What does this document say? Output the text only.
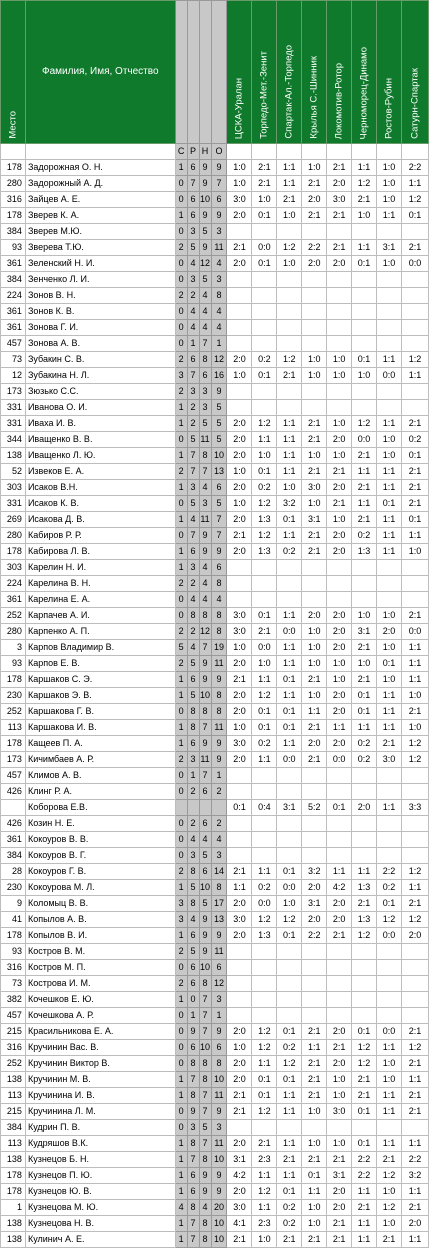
Место	Фамилия, Имя, Отчество					ЦСКА-Уралан	Торпедо-Мет.-Зенит	Спартак-Ал.-Торпедо	Крылья С.-Шинник	Локомотив-Ротор	Черноморец-Динамо	Ростов-Рубин	Сатурн-Спартак

		С	Р	Н	О								
178	Задорожная О. Н.	1	6	9	9	1:0	2:1	1:1	1:0	2:1	1:1	1:0	2:2
280	Задорожный А. Д.	0	7	9	7	1:0	2:1	1:1	2:1	2:0	1:2	1:0	1:1
316	Зайцев А. Е.	0	6	10	6	3:0	1:0	2:1	2:0	3:0	2:1	1:0	1:2
178	Зверев К. А.	1	6	9	9	2:0	0:1	1:0	2:1	2:1	1:0	1:1	0:1
384	Зверев М.Ю.	0	3	5	3								
93	Зверева Т.Ю.	2	5	9	11	2:1	0:0	1:2	2:2	2:1	1:1	3:1	2:1
361	Зеленский Н. И.	0	4	12	4	2:0	0:1	1:0	2:0	2:0	0:1	1:0	0:0
384	Зенченко Л. И.	0	3	5	3								
224	Зонов В. Н.	2	2	4	8								
361	Зонов К. В.	0	4	4	4								
361	Зонова Г. И.	0	4	4	4								
457	Зонова А. В.	0	1	7	1								
73	Зубакин С. В.	2	6	8	12	2:0	0:2	1:2	1:0	1:0	0:1	1:1	1:2
12	Зубакина Н. Л.	3	7	6	16	1:0	0:1	2:1	1:0	1:0	1:0	0:0	1:1
173	Зюзько С.С.	2	3	3	9								
331	Иванова О. И.	1	2	3	5								
331	Иваха И. В.	1	2	5	5	2:0	1:2	1:1	2:1	1:0	1:2	1:1	2:1
344	Иващенко В. В.	0	5	11	5	2:0	1:1	1:1	2:1	2:0	0:0	1:0	0:2
138	Иващенко Л. Ю.	1	7	8	10	2:0	1:0	1:1	1:0	1:0	2:1	1:0	0:1
52	Извеков Е. А.	2	7	7	13	1:0	0:1	1:1	2:1	2:1	1:1	1:1	2:1
303	Исаков В.Н.	1	3	4	6	2:0	0:2	1:0	3:0	2:0	2:1	1:1	2:1
331	Исаков К. В.	0	5	3	5	1:0	1:2	3:2	1:0	2:1	1:1	0:1	2:1
269	Исакова Д. В.	1	4	11	7	2:0	1:3	0:1	3:1	1:0	2:1	1:1	0:1
280	Кабиров Р. Р.	0	7	9	7	2:1	1:2	1:1	2:1	2:0	0:2	1:1	1:1
178	Кабирова Л. В.	1	6	9	9	2:0	1:3	0:2	2:1	2:0	1:3	1:1	1:0
303	Карелин Н. И.	1	3	4	6								
224	Карелина В. Н.	2	2	4	8								
361	Карелина Е. А.	0	4	4	4								
252	Карпачев А. И.	0	8	8	8	3:0	0:1	1:1	2:0	2:0	1:0	1:0	2:1
280	Карпенко А. П.	2	2	12	8	3:0	2:1	0:0	1:0	2:0	3:1	2:0	0:0
3	Карпов Владимир В.	5	4	7	19	1:0	0:0	1:1	1:0	2:0	2:1	1:0	1:1
93	Карпов Е. В.	2	5	9	11	2:0	1:0	1:1	1:0	1:0	1:0	0:1	1:1
178	Каршаков С. Э.	1	6	9	9	2:1	1:1	0:1	2:1	1:0	2:1	1:0	1:1
230	Каршаков Э. В.	1	5	10	8	2:0	1:2	1:1	1:0	2:0	0:1	1:1	1:0
252	Каршакова Г. В.	0	8	8	8	2:0	0:1	0:1	1:1	2:0	0:1	1:1	2:1
113	Каршакова И. В.	1	8	7	11	1:0	0:1	0:1	2:1	1:1	1:1	1:1	1:0
178	Кащеев П. А.	1	6	9	9	3:0	0:2	1:1	2:0	2:0	0:2	2:1	1:2
173	Кичимбаев А. Р.	2	3	11	9	2:0	1:1	0:0	2:1	0:0	0:2	3:0	1:2
457	Климов А. В.	0	1	7	1								
426	Клинг Р. А.	0	2	6	2								
	Коборова Е.В.					0:1	0:4	3:1	5:2	0:1	2:0	1:1	3:3
426	Козин Н. Е.	0	2	6	2								
361	Кокоуров В. В.	0	4	4	4								
384	Кокоуров В. Г.	0	3	5	3								
28	Кокоуров Г. В.	2	8	6	14	2:1	1:1	0:1	3:2	1:1	1:1	2:2	1:2
230	Кокоурова М. Л.	1	5	10	8	1:1	0:2	0:0	2:0	4:2	1:3	0:2	1:1
9	Коломыц В. В.	3	8	5	17	2:0	0:0	1:0	3:1	2:0	2:1	0:1	2:1
41	Копылов А. В.	3	4	9	13	3:0	1:2	1:2	2:0	2:0	1:3	1:2	1:2
178	Копылов В. И.	1	6	9	9	2:0	1:3	0:1	2:2	2:1	1:2	0:0	2:0
93	Костров В. М.	2	5	9	11								
316	Костров М. П.	0	6	10	6								
73	Кострова И. М.	2	6	8	12								
382	Кочешков Е. Ю.	1	0	7	3								
457	Кочешкова А. Р.	0	1	7	1								
215	Красильникова Е. А.	0	9	7	9	2:0	1:2	0:1	2:1	2:0	0:1	0:0	2:1
316	Кручинин Вас. В.	0	6	10	6	1:0	1:2	0:2	1:1	2:1	1:2	1:1	1:2
252	Кручинин Виктор В.	0	8	8	8	2:0	1:1	1:2	2:1	2:0	1:2	1:0	2:1
138	Кручинин М. В.	1	7	8	10	2:0	0:1	0:1	2:1	1:0	2:1	1:0	1:1
113	Кручинина И. В.	1	8	7	11	2:1	0:1	1:1	2:1	1:0	2:1	1:1	2:1
215	Кручинина Л. М.	0	9	7	9	2:1	1:2	1:1	1:0	3:0	0:1	1:1	2:1
384	Кудрин П. В.	0	3	5	3								
113	Кудряшов В.К.	1	8	7	11	2:0	2:1	1:1	1:0	1:0	0:1	1:1	1:1
138	Кузнецов Б. Н.	1	7	8	10	3:1	2:3	2:1	2:1	2:1	2:2	2:1	2:2
178	Кузнецов П. Ю.	1	6	9	9	4:2	1:1	1:1	0:1	3:1	2:2	1:2	3:2
178	Кузнецов Ю. В.	1	6	9	9	2:0	1:2	0:1	1:1	2:0	1:1	1:0	1:1
1	Кузнецова М. Ю.	4	8	4	20	3:0	1:1	0:2	1:0	2:0	2:1	1:2	2:1
138	Кузнецова Н. В.	1	7	8	10	4:1	2:3	0:2	1:0	2:1	1:1	1:0	2:0
138	Кулинич А. Е.	1	7	8	10	2:1	1:0	2:1	2:1	2:1	1:1	2:1	1:1
